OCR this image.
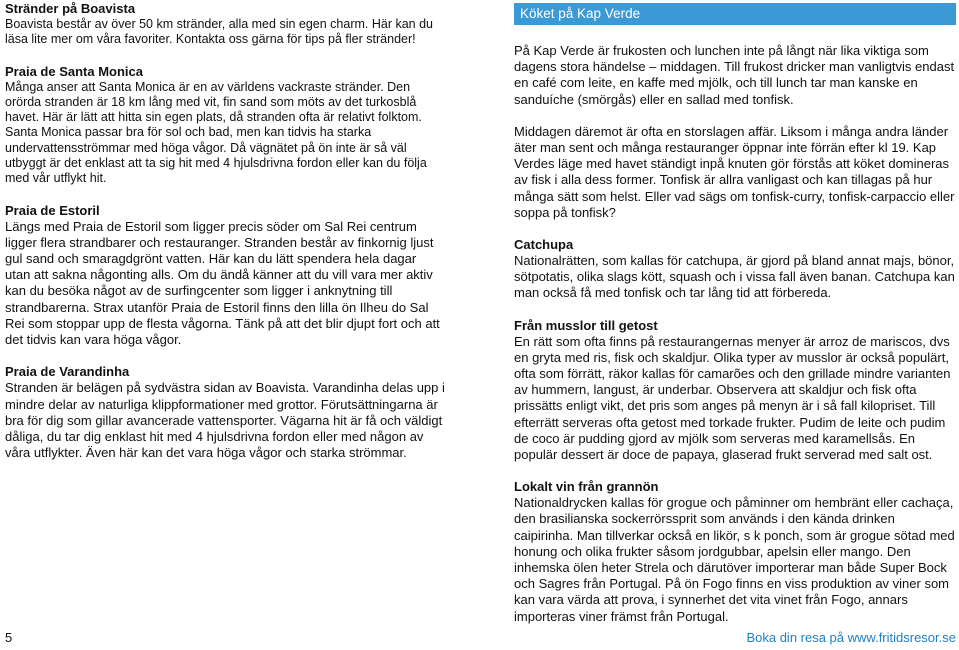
Stränder på Boavista

Boavista består av över 50 km stränder, alla med sin egen charm. Här kan du läsa lite mer om våra favoriter. Kontakta oss gärna för tips på fler stränder!

Praia de Santa Monica

Många anser att Santa Monica är en av världens vackraste stränder. Den orörda stranden är 18 km lång med vit, fin sand som möts av det turkosblå havet. Här är lätt att hitta sin egen plats, då stranden ofta är relativt folktom. Santa Monica passar bra för sol och bad, men kan tidvis ha starka undervattensströmmar med höga vågor. Då vägnätet på ön inte är så väl utbyggt är det enklast att ta sig hit med 4 hjulsdrivna fordon eller kan du följa med vår utflykt hit.

Praia de Estoril

Längs med Praia de Estoril som ligger precis söder om Sal Rei centrum ligger flera strandbarer och restauranger. Stranden består av finkornig ljust gul sand och smaragdgrönt vatten. Här kan du lätt spendera hela dagar utan att sakna någonting alls. Om du ändå känner att du vill vara mer aktiv kan du besöka något av de surfingcenter som ligger i anknytning till strandbarerna. Strax utanför Praia de Estoril finns den lilla ön Ilheu do Sal Rei som stoppar upp de flesta vågorna. Tänk på att det blir djupt fort och att det tidvis kan vara höga vågor.

Praia de Varandinha

Stranden är belägen på sydvästra sidan av Boavista. Varandinha delas upp i mindre delar av naturliga klippformationer med grottor. Förutsättningarna är bra för dig som gillar avancerade vattensporter. Vägarna hit är få och väldigt dåliga, du tar dig enklast hit med 4 hjulsdrivna fordon eller med någon av våra utflykter. Även här kan det vara höga vågor och starka strömmar.

Köket på Kap Verde

På Kap Verde är frukosten och lunchen inte på långt när lika viktiga som dagens stora händelse – middagen. Till frukost dricker man vanligtvis endast en café com leite, en kaffe med mjölk, och till lunch tar man kanske en sanduíche (smörgås) eller en sallad med tonfisk.

Middagen däremot är ofta en storslagen affär. Liksom i många andra länder äter man sent och många restauranger öppnar inte förrän efter kl 19. Kap Verdes läge med havet ständigt inpå knuten gör förstås att köket domineras av fisk i alla dess former. Tonfisk är allra vanligast och kan tillagas på hur många sätt som helst. Eller vad sägs om tonfisk-curry, tonfisk-carpaccio eller soppa på tonfisk?

Catchupa

Nationalrätten, som kallas för catchupa, är gjord på bland annat majs, bönor, sötpotatis, olika slags kött, squash och i vissa fall även banan. Catchupa kan man också få med tonfisk och tar lång tid att förbereda.

Från musslor till getost

En rätt som ofta finns på restaurangernas menyer är arroz de mariscos, dvs en gryta med ris, fisk och skaldjur. Olika typer av musslor är också populärt, ofta som förrätt, räkor kallas för camarões och den grillade mindre varianten av hummern, langust, är underbar. Observera att skaldjur och fisk ofta prissätts enligt vikt, det pris som anges på menyn är i så fall kilopriset. Till efterrätt serveras ofta getost med torkade frukter. Pudim de leite och pudim de coco är pudding gjord av mjölk som serveras med karamellsås. En populär dessert är doce de papaya, glaserad frukt serverad med salt ost.

Lokalt vin från grannön

Nationaldrycken kallas för grogue och påminner om hembränt eller cachaça, den brasilianska sockerrörssprit som används i den kända drinken caipirinha. Man tillverkar också en likör, s k ponch, som är grogue sötad med honung och olika frukter såsom jordgubbar, apelsin eller mango. Den inhemska ölen heter Strela och därutöver importerar man både Super Bock och Sagres från Portugal. På ön Fogo finns en viss produktion av viner som kan vara värda att prova, i synnerhet det vita vinet från Fogo, annars importeras viner främst från Portugal.

5	Boka din resa på www.fritidsresor.se
